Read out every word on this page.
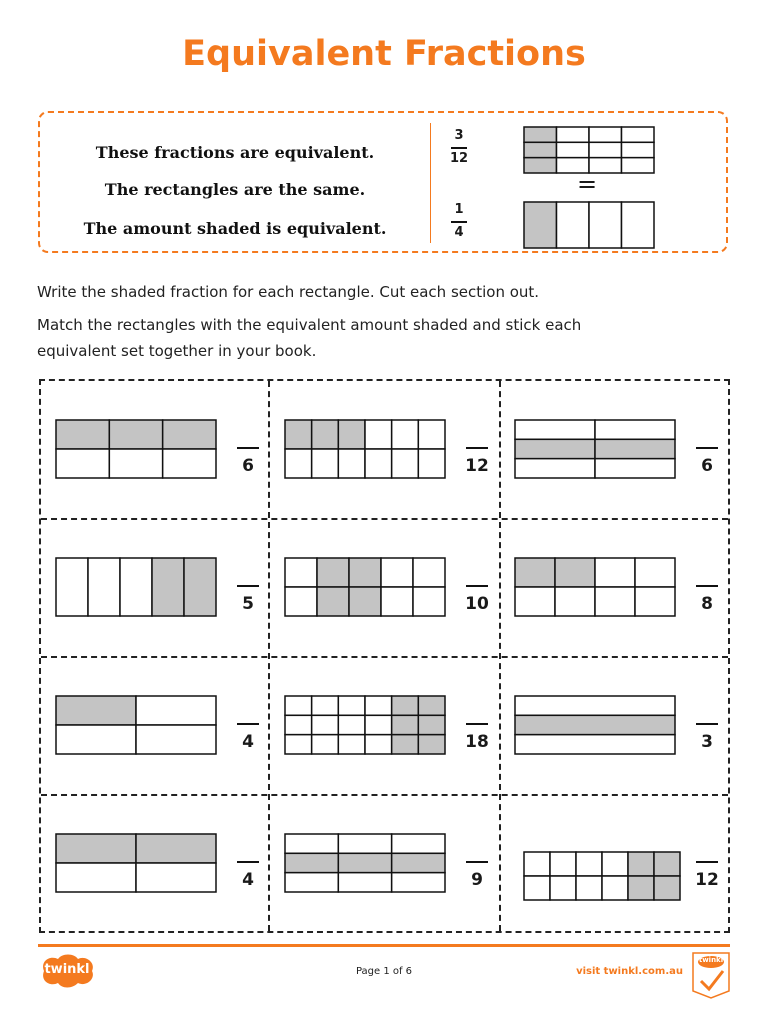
Equivalent Fractions
These fractions are equivalent.
The rectangles are the same.
The amount shaded is equivalent.
3
12
=
1
4
Write the shaded fraction for each rectangle. Cut each section out.
Match the rectangles with the equivalent amount shaded and stick each
equivalent set together in your book.
6	12	6
5	10	8
4	18	3
4	9	12
twinkl	Page 1 of 6	visit twinkl.com.au
twinkl
